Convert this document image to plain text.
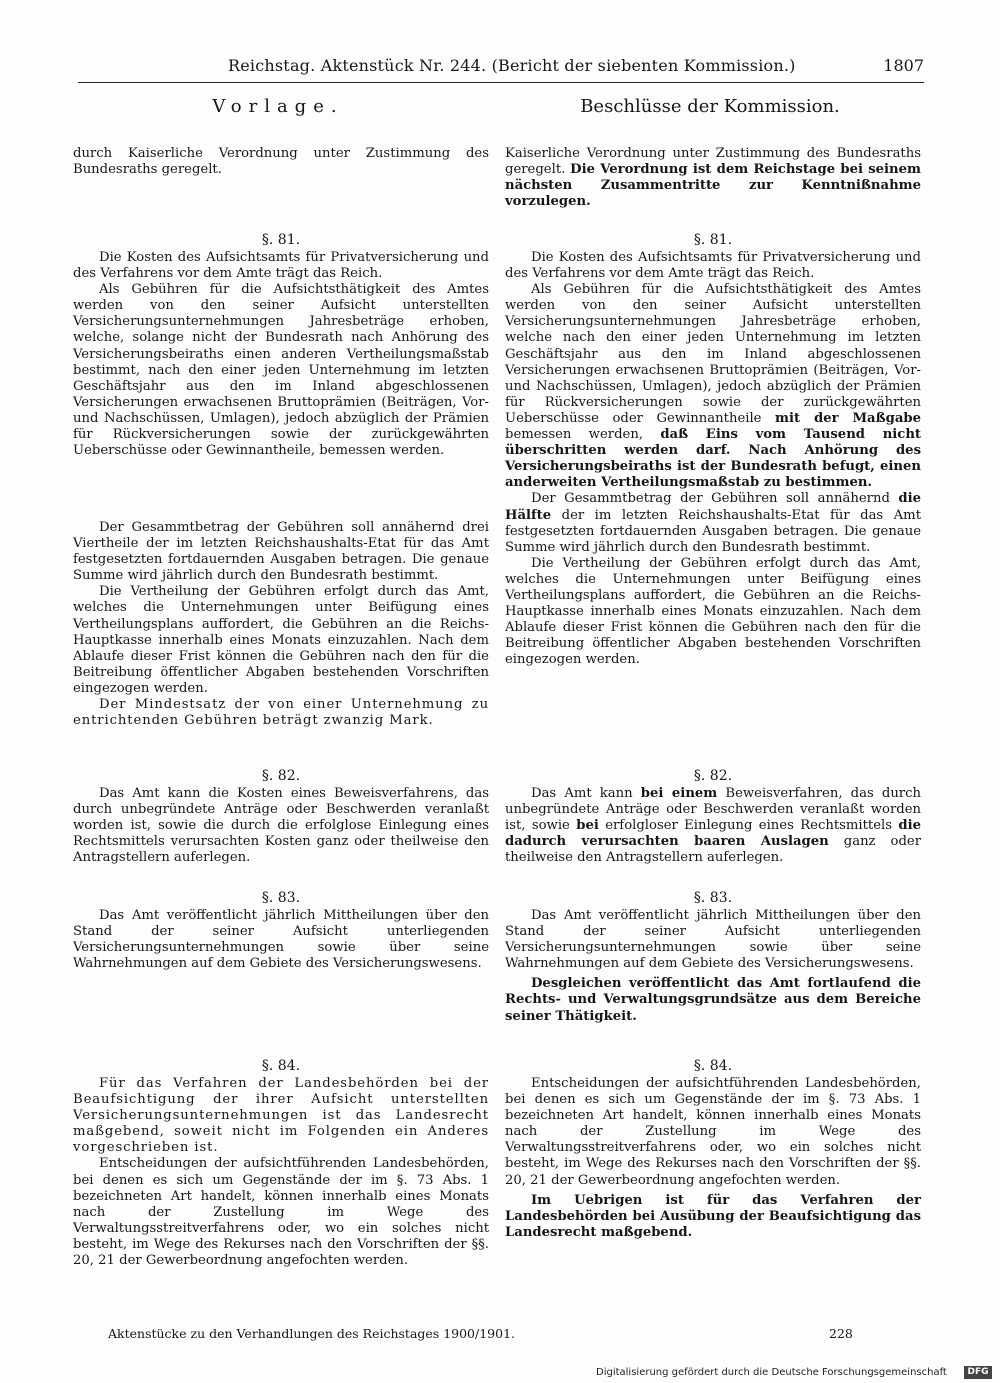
Reichstag. Aktenstück Nr. 244. (Bericht der siebenten Kommission.)	1807
Vorlage.	Beschlüsse der Kommission.

durch Kaiserliche Verordnung unter Zustimmung des Bundesraths geregelt.

§. 81.

Die Kosten des Aufsichtsamts für Privatversicherung und des Verfahrens vor dem Amte trägt das Reich.

Als Gebühren für die Aufsichtsthätigkeit des Amtes werden von den seiner Aufsicht unterstellten Versicherungsunternehmungen Jahresbeträge erhoben, welche, solange nicht der Bundesrath nach Anhörung des Versicherungsbeiraths einen anderen Vertheilungsmaßstab bestimmt, nach den einer jeden Unternehmung im letzten Geschäftsjahr aus den im Inland abgeschlossenen Versicherungen erwachsenen Bruttoprämien (Beiträgen, Vor- und Nachschüssen, Umlagen), jedoch abzüglich der Prämien für Rückversicherungen sowie der zurückgewährten Ueberschüsse oder Gewinnantheile, bemessen werden.

Der Gesammtbetrag der Gebühren soll annähernd drei Viertheile der im letzten Reichshaushalts-Etat für das Amt festgesetzten fortdauernden Ausgaben betragen. Die genaue Summe wird jährlich durch den Bundesrath bestimmt.

Die Vertheilung der Gebühren erfolgt durch das Amt, welches die Unternehmungen unter Beifügung eines Vertheilungsplans auffordert, die Gebühren an die Reichs-Hauptkasse innerhalb eines Monats einzuzahlen. Nach dem Ablaufe dieser Frist können die Gebühren nach den für die Beitreibung öffentlicher Abgaben bestehenden Vorschriften eingezogen werden.

Der Mindestsatz der von einer Unternehmung zu entrichtenden Gebühren beträgt zwanzig Mark.

§. 82.

Das Amt kann die Kosten eines Beweisverfahrens, das durch unbegründete Anträge oder Beschwerden veranlaßt worden ist, sowie die durch die erfolglose Einlegung eines Rechtsmittels verursachten Kosten ganz oder theilweise den Antragstellern auferlegen.

§. 83.

Das Amt veröffentlicht jährlich Mittheilungen über den Stand der seiner Aufsicht unterliegenden Versicherungsunternehmungen sowie über seine Wahrnehmungen auf dem Gebiete des Versicherungswesens.

§. 84.

Für das Verfahren der Landesbehörden bei der Beaufsichtigung der ihrer Aufsicht unterstellten Versicherungsunternehmungen ist das Landesrecht maßgebend, soweit nicht im Folgenden ein Anderes vorgeschrieben ist.

Entscheidungen der aufsichtführenden Landesbehörden, bei denen es sich um Gegenstände der im §. 73 Abs. 1 bezeichneten Art handelt, können innerhalb eines Monats nach der Zustellung im Wege des Verwaltungsstreitverfahrens oder, wo ein solches nicht besteht, im Wege des Rekurses nach den Vorschriften der §§. 20, 21 der Gewerbeordnung angefochten werden.

Kaiserliche Verordnung unter Zustimmung des Bundesraths geregelt. Die Verordnung ist dem Reichstage bei seinem nächsten Zusammentritte zur Kenntnißnahme vorzulegen.

§. 81.

Die Kosten des Aufsichtsamts für Privatversicherung und des Verfahrens vor dem Amte trägt das Reich.

Als Gebühren für die Aufsichtsthätigkeit des Amtes werden von den seiner Aufsicht unterstellten Versicherungsunternehmungen Jahresbeträge erhoben, welche nach den einer jeden Unternehmung im letzten Geschäftsjahr aus den im Inland abgeschlossenen Versicherungen erwachsenen Bruttoprämien (Beiträgen, Vor- und Nachschüssen, Umlagen), jedoch abzüglich der Prämien für Rückversicherungen sowie der zurückgewährten Ueberschüsse oder Gewinnantheile mit der Maßgabe bemessen werden, daß Eins vom Tausend nicht überschritten werden darf. Nach Anhörung des Versicherungsbeiraths ist der Bundesrath befugt, einen anderweiten Vertheilungsmaßstab zu bestimmen.

Der Gesammtbetrag der Gebühren soll annähernd die Hälfte der im letzten Reichshaushalts-Etat für das Amt festgesetzten fortdauernden Ausgaben betragen. Die genaue Summe wird jährlich durch den Bundesrath bestimmt.

Die Vertheilung der Gebühren erfolgt durch das Amt, welches die Unternehmungen unter Beifügung eines Vertheilungsplans auffordert, die Gebühren an die Reichs-Hauptkasse innerhalb eines Monats einzuzahlen. Nach dem Ablaufe dieser Frist können die Gebühren nach den für die Beitreibung öffentlicher Abgaben bestehenden Vorschriften eingezogen werden.

§. 82.

Das Amt kann bei einem Beweisverfahren, das durch unbegründete Anträge oder Beschwerden veranlaßt worden ist, sowie bei erfolgloser Einlegung eines Rechtsmittels die dadurch verursachten baaren Auslagen ganz oder theilweise den Antragstellern auferlegen.

§. 83.

Das Amt veröffentlicht jährlich Mittheilungen über den Stand der seiner Aufsicht unterliegenden Versicherungsunternehmungen sowie über seine Wahrnehmungen auf dem Gebiete des Versicherungswesens.

Desgleichen veröffentlicht das Amt fortlaufend die Rechts- und Verwaltungsgrundsätze aus dem Bereiche seiner Thätigkeit.

§. 84.

Entscheidungen der aufsichtführenden Landesbehörden, bei denen es sich um Gegenstände der im §. 73 Abs. 1 bezeichneten Art handelt, können innerhalb eines Monats nach der Zustellung im Wege des Verwaltungsstreitverfahrens oder, wo ein solches nicht besteht, im Wege des Rekurses nach den Vorschriften der §§. 20, 21 der Gewerbeordnung angefochten werden.

Im Uebrigen ist für das Verfahren der Landesbehörden bei Ausübung der Beaufsichtigung das Landesrecht maßgebend.

Aktenstücke zu den Verhandlungen des Reichstages 1900/1901.	228
Digitalisierung gefördert durch die Deutsche Forschungsgemeinschaft	DFG
